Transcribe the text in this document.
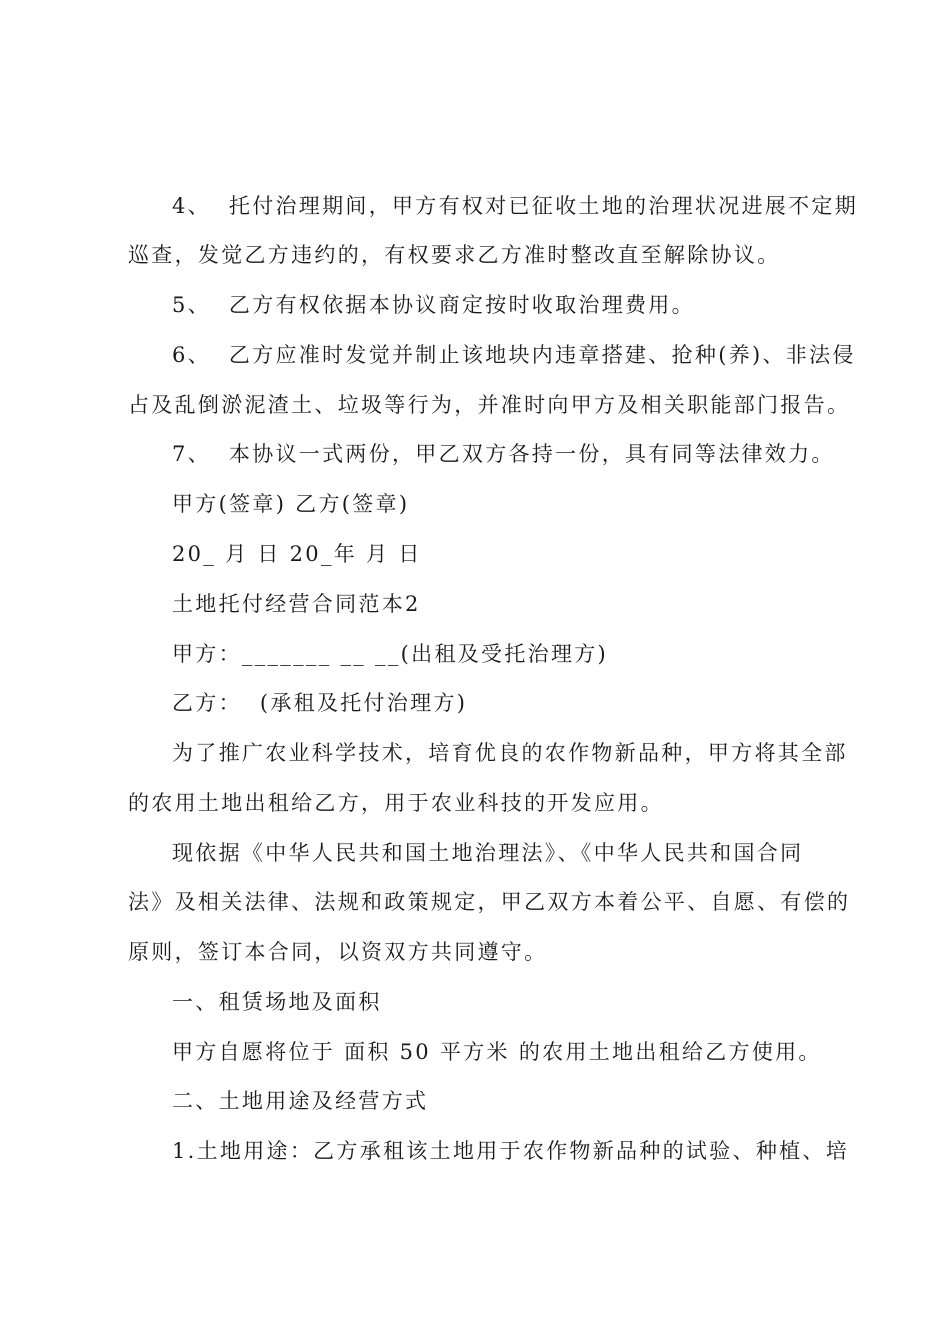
4、  托付治理期间，甲方有权对已征收土地的治理状况进展不定期
巡查，发觉乙方违约的，有权要求乙方准时整改直至解除协议。
5、  乙方有权依据本协议商定按时收取治理费用。
6、  乙方应准时发觉并制止该地块内违章搭建、抢种(养)、非法侵
占及乱倒淤泥渣土、垃圾等行为，并准时向甲方及相关职能部门报告。
7、  本协议一式两份，甲乙双方各持一份，具有同等法律效力。
甲方(签章) 乙方(签章)
20_ 月 日 20_年 月 日
土地托付经营合同范本2
甲方：_______ __ __(出租及受托治理方)
乙方：  (承租及托付治理方)
为了推广农业科学技术，培育优良的农作物新品种，甲方将其全部
的农用土地出租给乙方，用于农业科技的开发应用。
现依据《中华人民共和国土地治理法》、《中华人民共和国合同
法》及相关法律、法规和政策规定，甲乙双方本着公平、自愿、有偿的
原则，签订本合同，以资双方共同遵守。
一、租赁场地及面积
甲方自愿将位于 面积 50 平方米 的农用土地出租给乙方使用。
二、土地用途及经营方式
1.土地用途：乙方承租该土地用于农作物新品种的试验、种植、培
